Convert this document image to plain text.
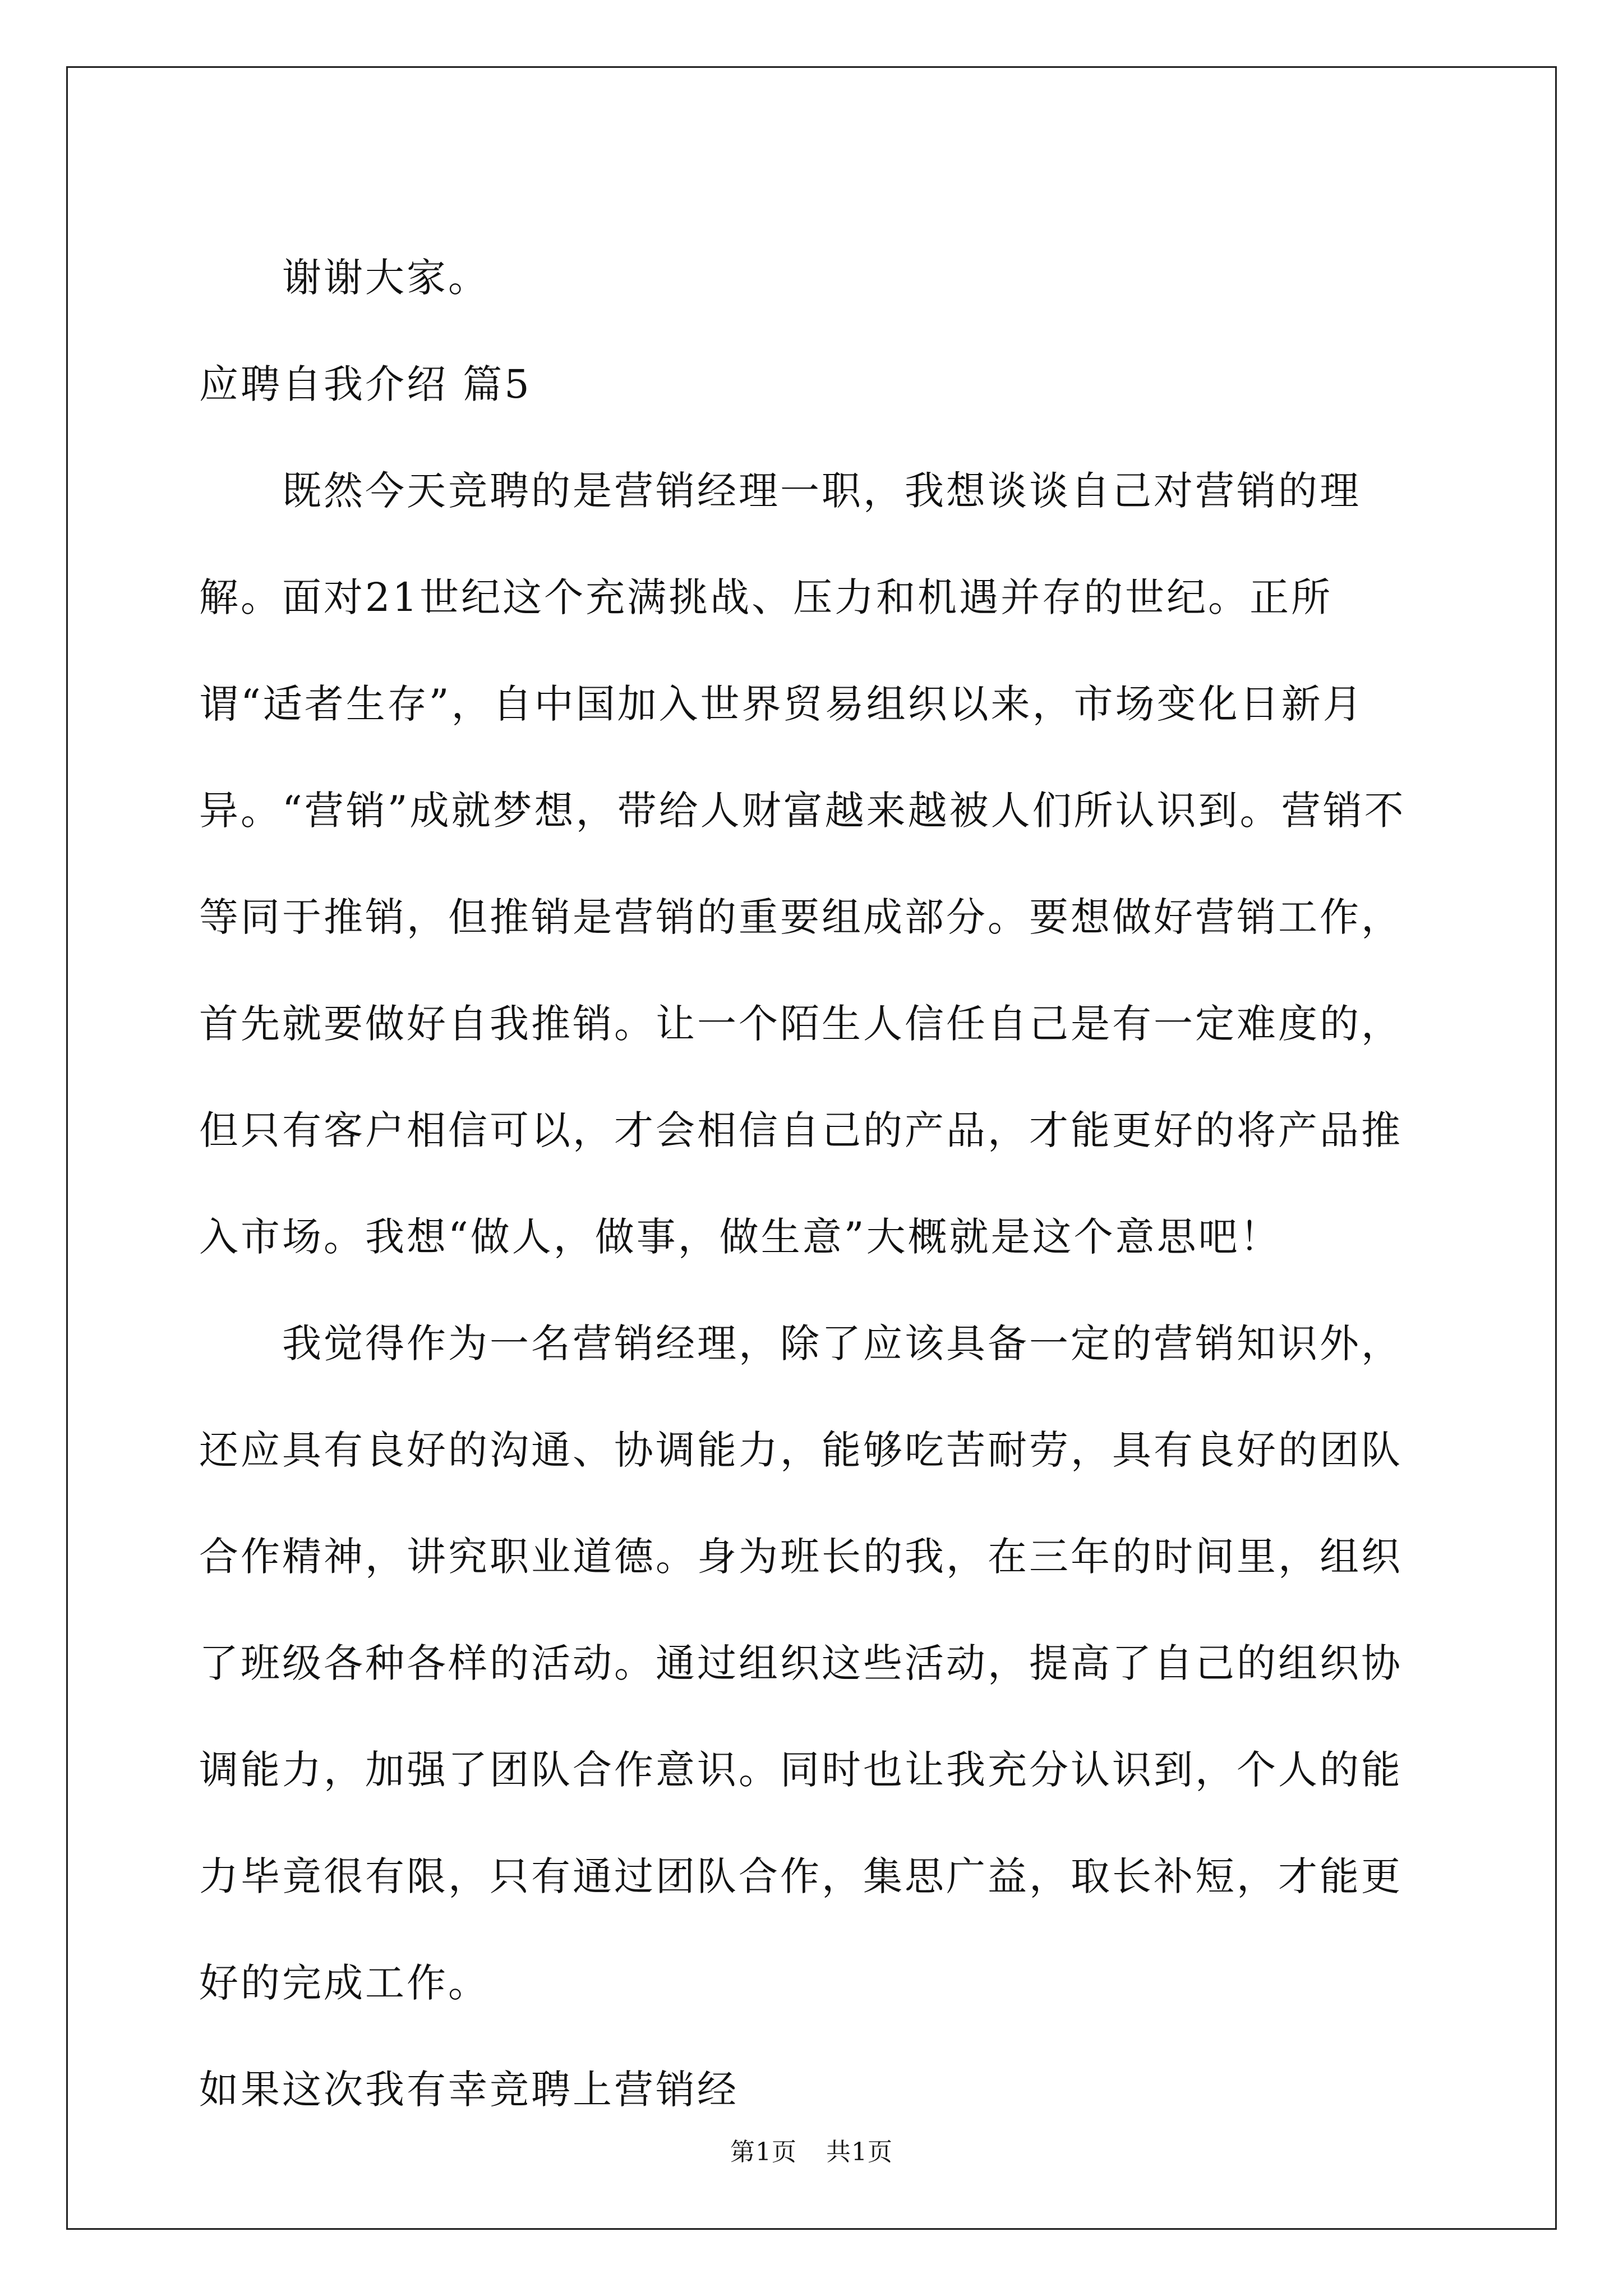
谢谢大家。

应聘自我介绍 篇5

既然今天竞聘的是营销经理一职，我想谈谈自己对营销的理解。面对21世纪这个充满挑战、压力和机遇并存的世纪。正所谓“适者生存”，自中国加入世界贸易组织以来，市场变化日新月异。“营销”成就梦想，带给人财富越来越被人们所认识到。营销不等同于推销，但推销是营销的重要组成部分。要想做好营销工作，首先就要做好自我推销。让一个陌生人信任自己是有一定难度的，但只有客户相信可以，才会相信自己的产品，才能更好的将产品推入市场。我想“做人，做事，做生意”大概就是这个意思吧！

我觉得作为一名营销经理，除了应该具备一定的营销知识外，还应具有良好的沟通、协调能力，能够吃苦耐劳，具有良好的团队合作精神，讲究职业道德。身为班长的我，在三年的时间里，组织了班级各种各样的活动。通过组织这些活动，提高了自己的组织协调能力，加强了团队合作意识。同时也让我充分认识到，个人的能力毕竟很有限，只有通过团队合作，集思广益，取长补短，才能更好的完成工作。

如果这次我有幸竞聘上营销经

第1页 共1页
